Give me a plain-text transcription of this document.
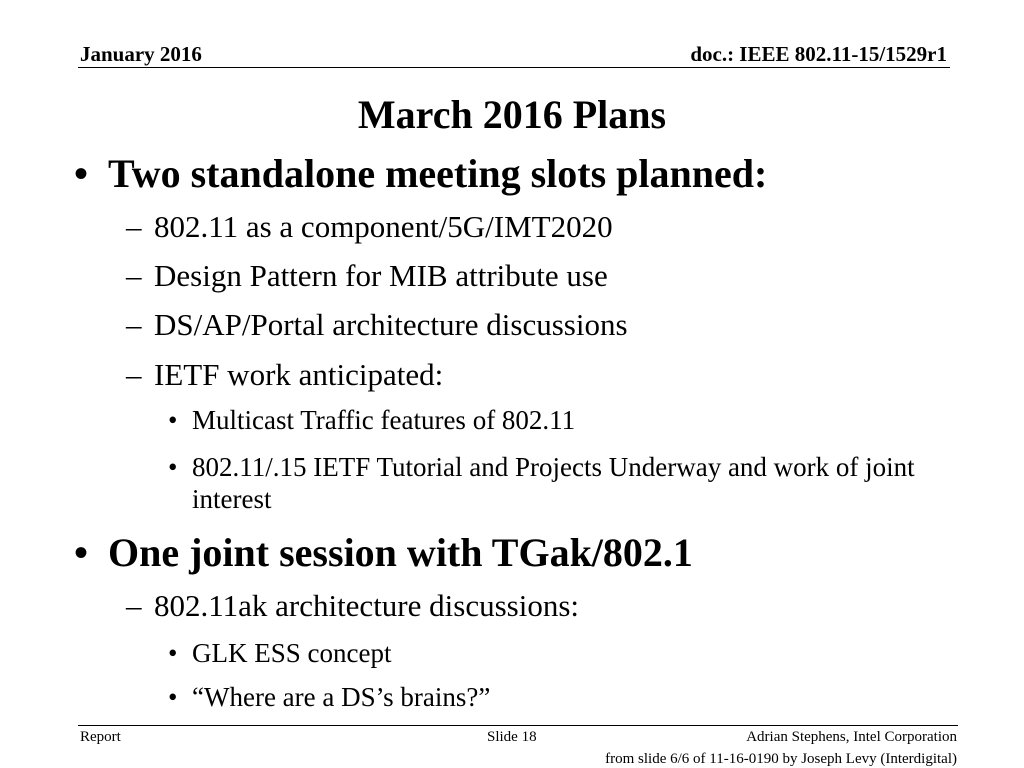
January 2016	doc.: IEEE 802.11-15/1529r1
March 2016 Plans
• Two standalone meeting slots planned:
– 802.11 as a component/5G/IMT2020
– Design Pattern for MIB attribute use
– DS/AP/Portal architecture discussions
– IETF work anticipated:
• Multicast Traffic features of 802.11
• 802.11/.15 IETF Tutorial and Projects Underway and work of joint interest
• One joint session with TGak/802.1
– 802.11ak architecture discussions:
• GLK ESS concept
• “Where are a DS’s brains?”
Report	Slide 18	Adrian Stephens, Intel Corporation
from slide 6/6 of 11-16-0190 by Joseph Levy (Interdigital)
